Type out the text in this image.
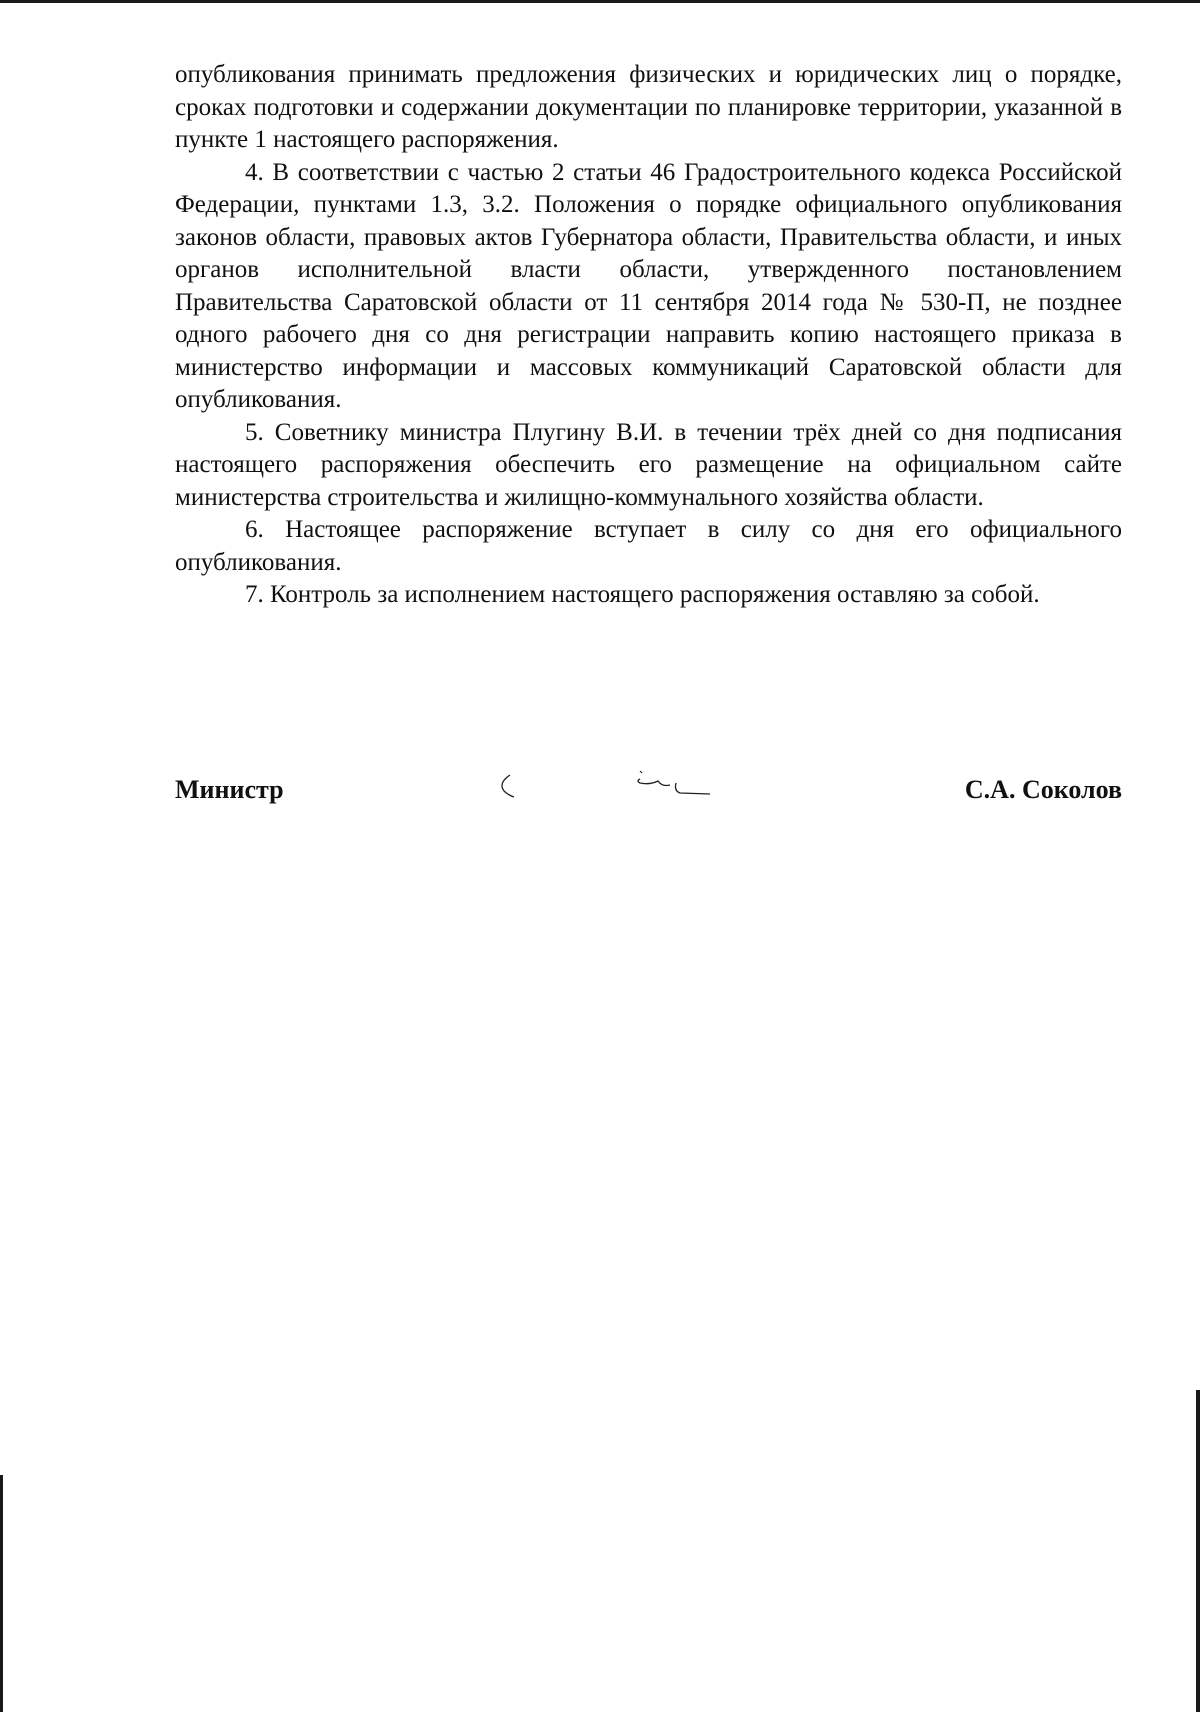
опубликования принимать предложения физических и юридических лиц о порядке, сроках подготовки и содержании документации по планировке территории, указанной в пункте 1 настоящего распоряжения.

4. В соответствии с частью 2 статьи 46 Градостроительного кодекса Российской Федерации, пунктами 1.3, 3.2. Положения о порядке официального опубликования законов области, правовых актов Губернатора области, Правительства области, и иных органов исполнительной власти области, утвержденного постановлением Правительства Саратовской области от 11 сентября 2014 года № 530-П, не позднее одного рабочего дня со дня регистрации направить копию настоящего приказа в министерство информации и массовых коммуникаций Саратовской области для опубликования.

5. Советнику министра Плугину В.И. в течении трёх дней со дня подписания настоящего распоряжения обеспечить его размещение на официальном сайте министерства строительства и жилищно-коммунального хозяйства области.

6. Настоящее распоряжение вступает в силу со дня его официального опубликования.

7. Контроль за исполнением настоящего распоряжения оставляю за собой.

Министр	С.А. Соколов
